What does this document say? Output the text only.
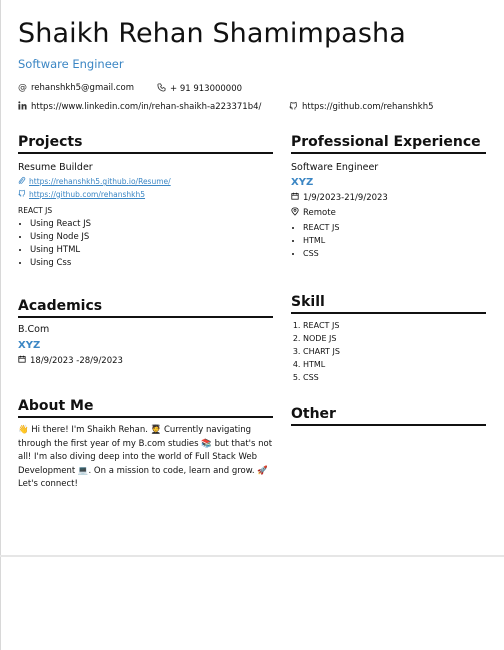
Shaikh Rehan Shamimpasha
Software Engineer
@ rehanshkh5@gmail.com	+ 91 913000000
https://www.linkedin.com/in/rehan-shaikh-a223371b4/	https://github.com/rehanshkh5
Projects
Resume Builder
https://rehanshkh5.github.io/Resume/
https://github.com/rehanshkh5
REACT JS
• Using React JS
• Using Node JS
• Using HTML
• Using Css
Professional Experience
Software Engineer
XYZ
1/9/2023-21/9/2023
Remote
• REACT JS
• HTML
• CSS
Academics
B.Com
XYZ
18/9/2023 -28/9/2023
Skill
1. REACT JS
2. NODE JS
3. CHART JS
4. HTML
5. CSS
About Me
👋 Hi there! I'm Shaikh Rehan. 🧑‍🎓 Currently navigating through the first year of my B.com studies 📚 but that's not all! I'm also diving deep into the world of Full Stack Web Development 💻. On a mission to code, learn and grow. 🚀 Let's connect!
Other
